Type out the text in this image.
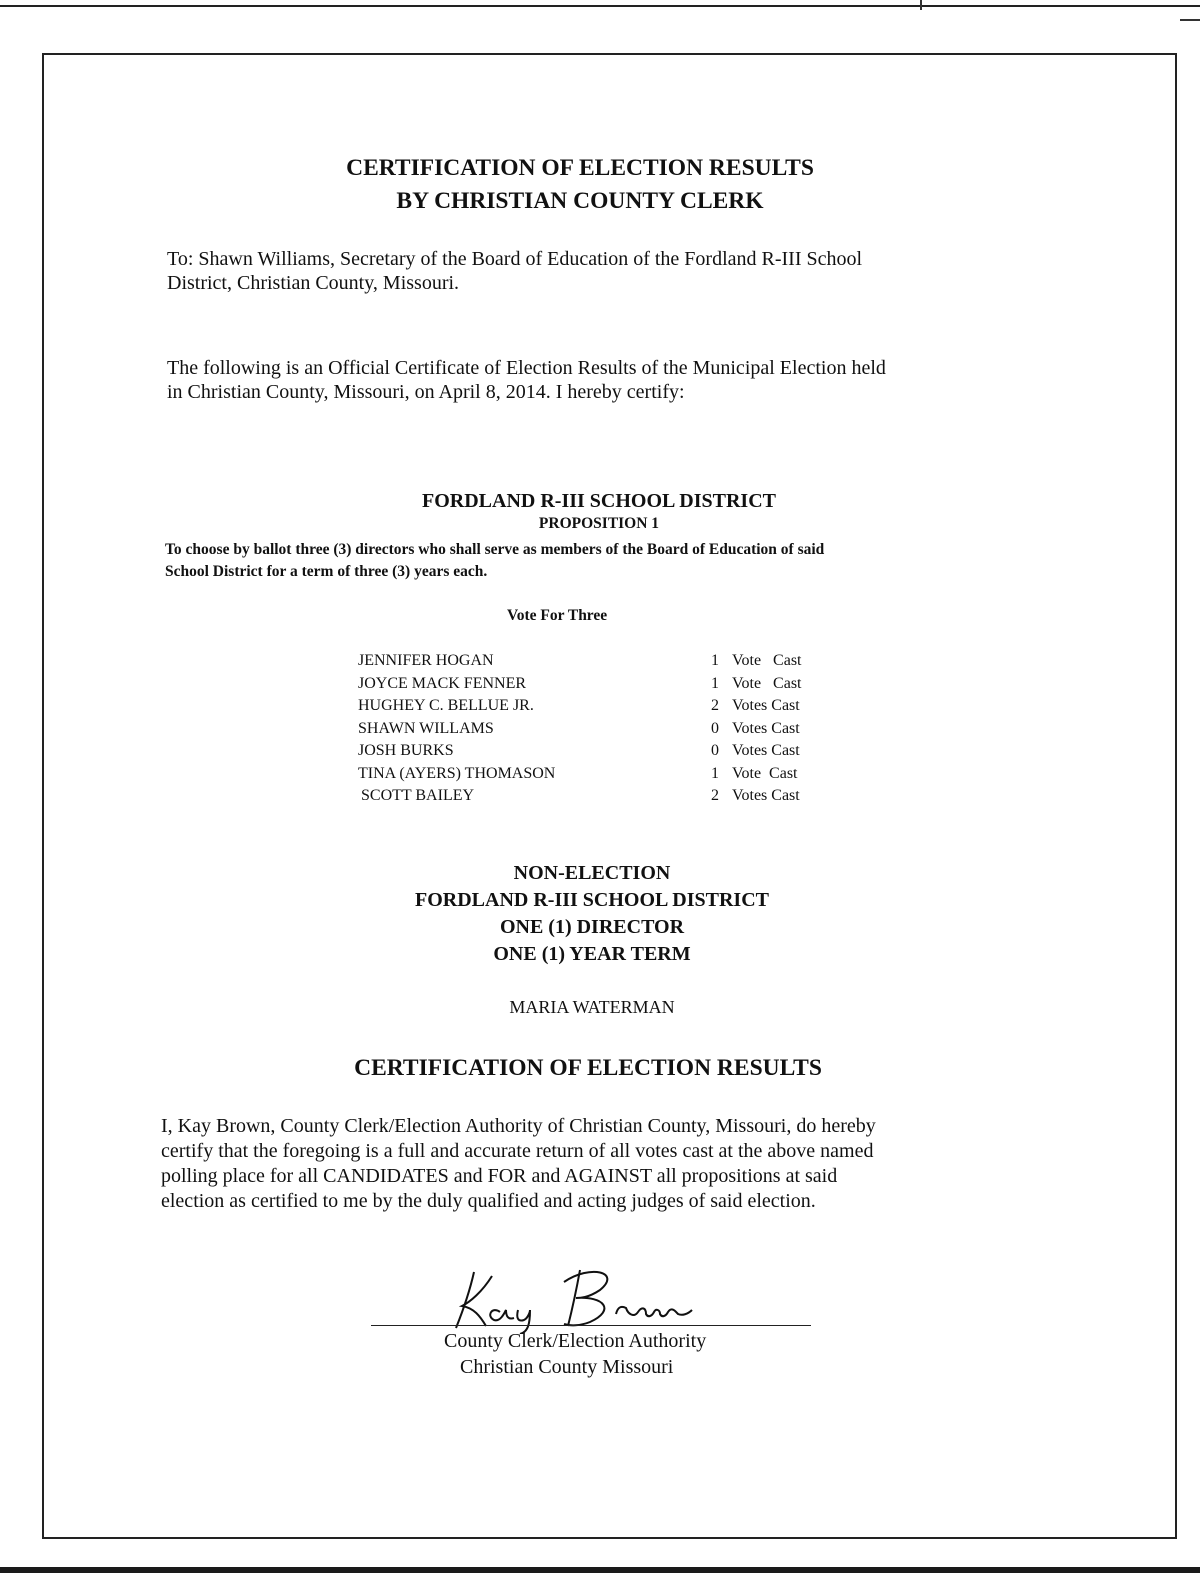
CERTIFICATION OF ELECTION RESULTS
BY CHRISTIAN COUNTY CLERK
To: Shawn Williams, Secretary of the Board of Education of the Fordland R-III School
District, Christian County, Missouri.
The following is an Official Certificate of Election Results of the Municipal Election held
in Christian County, Missouri, on April 8, 2014. I hereby certify:
FORDLAND R-III SCHOOL DISTRICT
PROPOSITION 1
To choose by ballot three (3) directors who shall serve as members of the Board of Education of said
School District for a term of three (3) years each.
Vote For Three
JENNIFER HOGAN	1 Vote   Cast
JOYCE MACK FENNER	1 Vote   Cast
HUGHEY C. BELLUE JR.	2 Votes Cast
SHAWN WILLAMS	0 Votes Cast
JOSH BURKS	0 Votes Cast
TINA (AYERS) THOMASON	1 Vote  Cast
SCOTT BAILEY	2 Votes Cast
NON-ELECTION
FORDLAND R-III SCHOOL DISTRICT
ONE (1) DIRECTOR
ONE (1) YEAR TERM
MARIA WATERMAN
CERTIFICATION OF ELECTION RESULTS
I, Kay Brown, County Clerk/Election Authority of Christian County, Missouri, do hereby
certify that the foregoing is a full and accurate return of all votes cast at the above named
polling place for all CANDIDATES and FOR and AGAINST all propositions at said
election as certified to me by the duly qualified and acting judges of said election.
County Clerk/Election Authority
Christian County Missouri
